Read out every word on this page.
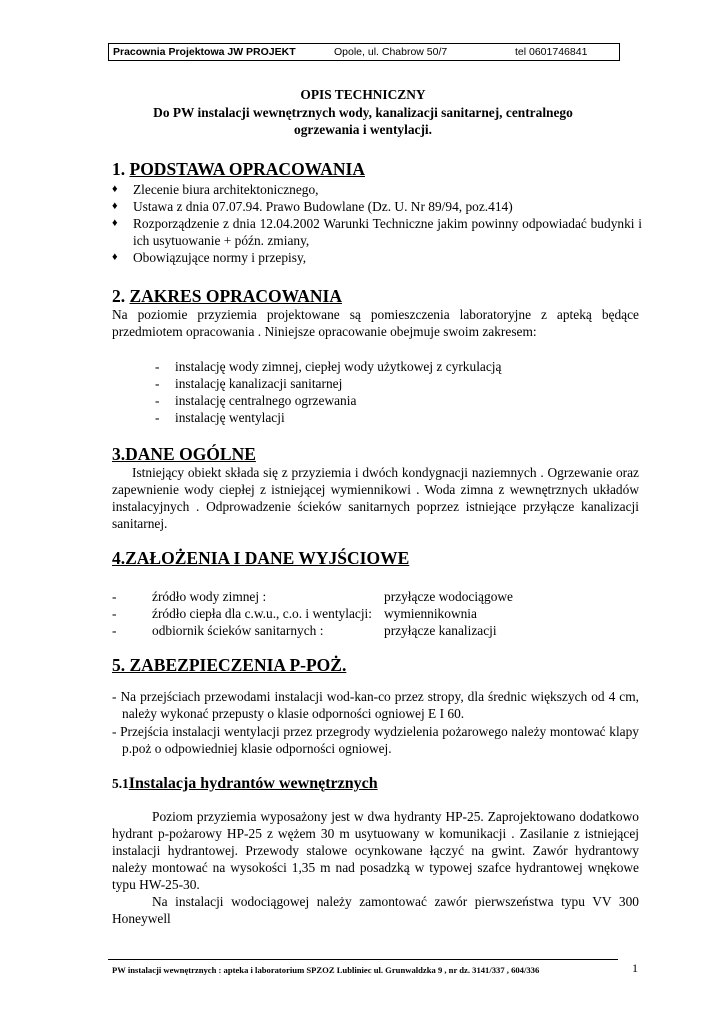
Pracownia Projektowa JW PROJEKT	Opole, ul. Chabrow 50/7	tel 0601746841
OPIS TECHNICZNY
Do PW instalacji wewnętrznych wody, kanalizacji sanitarnej, centralnego
ogrzewania i wentylacji.
1. PODSTAWA OPRACOWANIA
♦ Zlecenie biura architektonicznego,
♦ Ustawa z dnia 07.07.94. Prawo Budowlane (Dz. U. Nr 89/94, poz.414)
♦ Rozporządzenie z dnia 12.04.2002 Warunki Techniczne jakim powinny odpowiadać budynki i ich usytuowanie + późn. zmiany,
♦ Obowiązujące normy i przepisy,
2. ZAKRES OPRACOWANIA

Na poziomie przyziemia projektowane są pomieszczenia laboratoryjne z apteką będące przedmiotem opracowania . Niniejsze opracowanie obejmuje swoim zakresem:

- instalację wody zimnej, ciepłej wody użytkowej z cyrkulacją
- instalację kanalizacji sanitarnej
- instalację centralnego ogrzewania
- instalację wentylacji
3.DANE OGÓLNE

Istniejący obiekt składa się z przyziemia i dwóch kondygnacji naziemnych . Ogrzewanie oraz zapewnienie wody ciepłej z istniejącej wymiennikowi . Woda zimna z wewnętrznych układów instalacyjnych . Odprowadzenie ścieków sanitarnych poprzez istniejące przyłącze kanalizacji sanitarnej.

4.ZAŁOŻENIA I DANE WYJŚCIOWE
-	źródło wody zimnej :	przyłącze wodociągowe
-	źródło ciepła dla c.w.u., c.o. i wentylacji: wymiennikownia
-	odbiornik ścieków sanitarnych :	przyłącze kanalizacji
5. ZABEZPIECZENIA P-POŻ.

- Na przejściach przewodami instalacji wod-kan-co przez stropy, dla średnic większych od 4 cm, należy wykonać przepusty o klasie odporności ogniowej E I 60.

- Przejścia instalacji wentylacji przez przegrody wydzielenia pożarowego należy montować klapy p.poż o odpowiedniej klasie odporności ogniowej.

5.1Instalacja hydrantów wewnętrznych

Poziom przyziemia wyposażony jest w dwa hydranty HP-25. Zaprojektowano dodatkowo hydrant p-pożarowy HP-25 z wężem 30 m usytuowany w komunikacji . Zasilanie z istniejącej instalacji hydrantowej. Przewody stalowe ocynkowane łączyć na gwint. Zawór hydrantowy należy montować na wysokości 1,35 m nad posadzką w typowej szafce hydrantowej wnękowe typu HW-25-30.

Na instalacji wodociągowej należy zamontować zawór pierwszeństwa typu VV 300 Honeywell

PW instalacji wewnętrznych : apteka i laboratorium SPZOZ Lubliniec ul. Grunwaldzka 9 , nr dz. 3141/337 , 604/336	1
